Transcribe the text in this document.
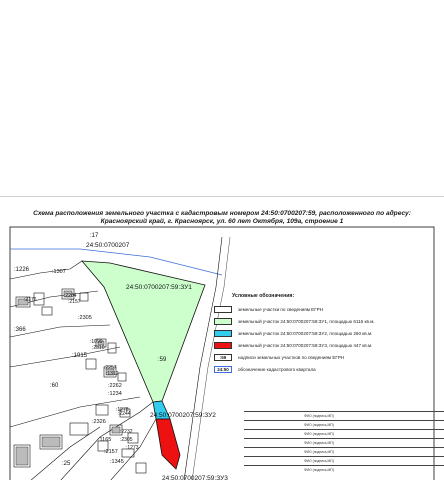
:17
24:50:0700207
:1226	:1307
24:50:0700207:59:ЗУ1
:2176
:2204
:2157
:2305
:366
:1099
:2310
:1915
:59
:2257
:1312
:60	:2262
:1234
:1278
24:50:0700207:59:ЗУ2
:2326
:2244
:2232
:1165 :2305
:1273
:2157
:25	:1345
24:50:0700207:59:ЗУ3
Схема расположения земельного участка с кадастровым номером 24:50:0700207:59, расположенного по адресу:
Красноярский край, г. Красноярск, ул. 60 лет Октября, 109а, строение 1
Условные обозначения:
земельные участки по сведениям ЕГРН
земельный участок 24:50:0700207:59:ЗУ1, площадью 6116 кв.м.
земельный участок 24:50:0700207:59:ЗУ2, площадью 260 кв.м.
земельный участок 24:50:0700207:59:ЗУ3, площадью 447 кв.м.
:59	надписи земельных участков по сведениям ЕГРН
24:50	обозначение кадастрового квартала
ФИО (подпись,МП)
ФИО (подпись,МП)
ФИО (подпись,МП)
ФИО (подпись,МП)
ФИО (подпись,МП)
ФИО (подпись,МП)
ФИО (подпись,МП)
